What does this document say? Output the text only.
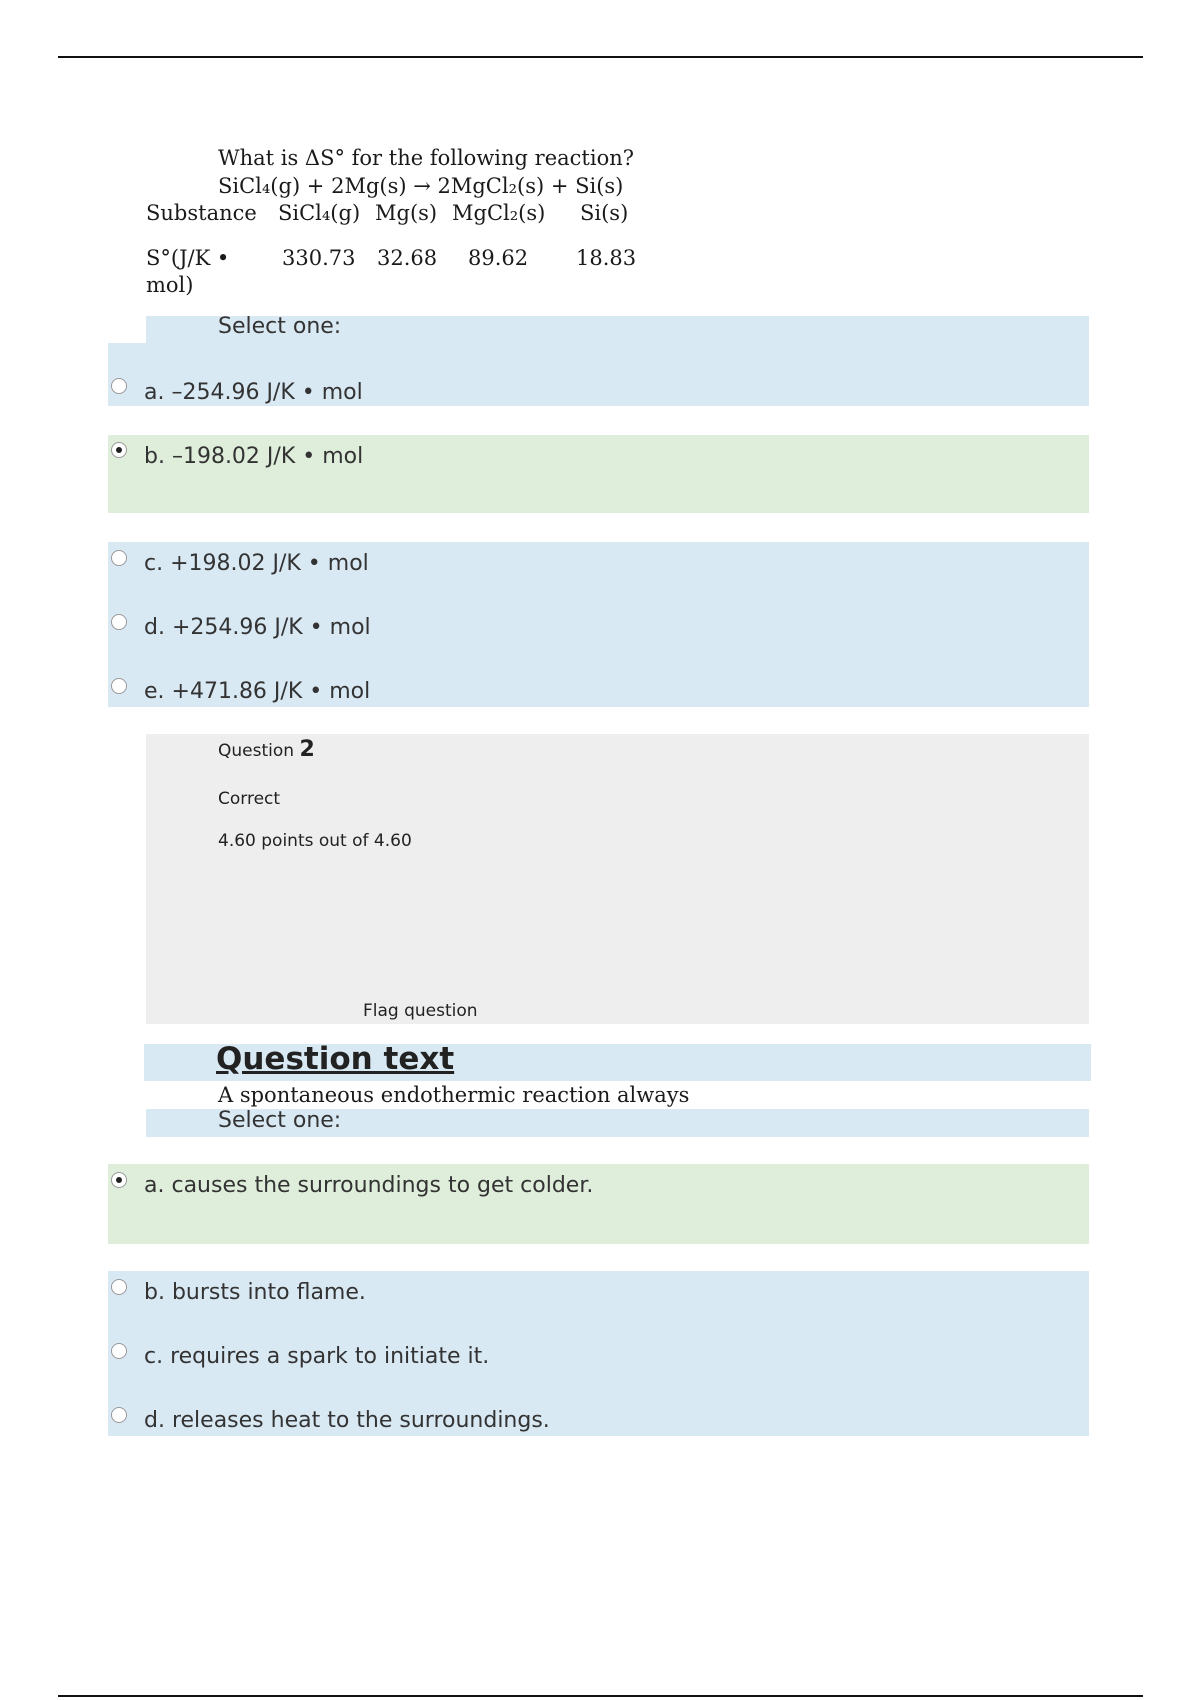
What is ΔS° for the following reaction?
SiCl₄(g) + 2Mg(s) → 2MgCl₂(s) + Si(s)
Substance SiCl₄(g) Mg(s) MgCl₂(s) Si(s)
S°(J/K •
mol)
330.73 32.68 89.62 18.83
Select one:
a. –254.96 J/K • mol
b. –198.02 J/K • mol
c. +198.02 J/K • mol
d. +254.96 J/K • mol
e. +471.86 J/K • mol
Question 2
Correct
4.60 points out of 4.60
Flag question
Question text
A spontaneous endothermic reaction always
Select one:
a. causes the surroundings to get colder.
b. bursts into flame.
c. requires a spark to initiate it.
d. releases heat to the surroundings.
